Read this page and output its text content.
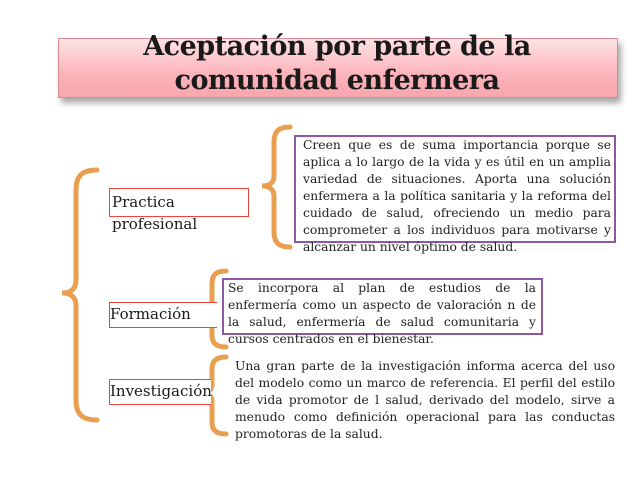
Aceptación por parte de la comunidad enfermera
Practica profesional
Creen que es de suma importancia porque se aplica a lo largo de la vida y es útil en un amplia variedad de situaciones. Aporta una solución enfermera a la política sanitaria y la reforma del cuidado de salud, ofreciendo un medio para comprometer a los individuos para motivarse y alcanzar un nivel óptimo de salud.
Formación
Se incorpora al plan de estudios de la enfermería como un aspecto de valoración n de la salud, enfermería de salud comunitaria y cursos centrados en el bienestar.
Investigación
Una gran parte de la investigación informa acerca del uso del modelo como un marco de referencia. El perfil del estilo de vida promotor de l salud, derivado del modelo, sirve a menudo como definición operacional para las conductas promotoras de la salud.
